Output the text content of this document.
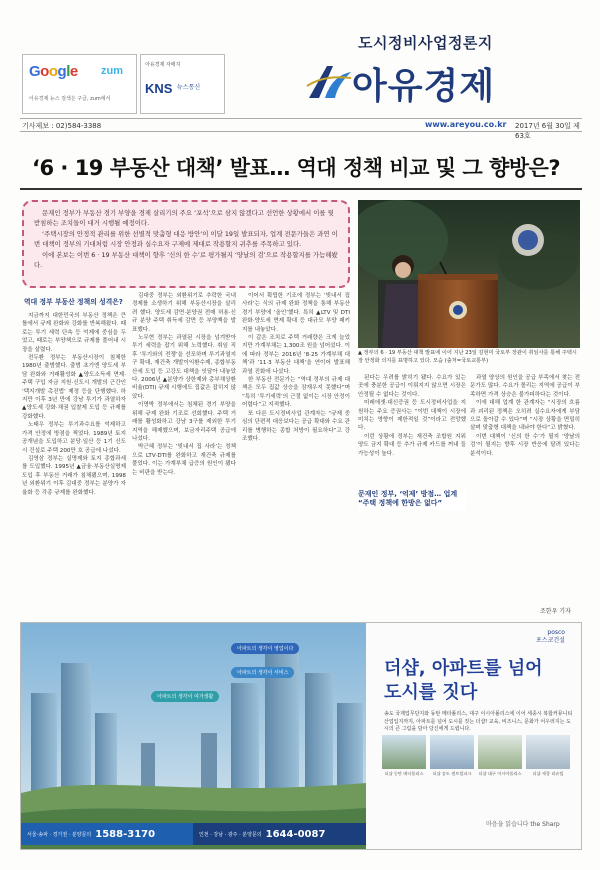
Google zum
아유경제 뉴스 검색은 구글, zum에서
아유경제 자매지
KNS 뉴스통신
도시정비사업정론지
아유경제
기사제보 : 02)584-3388	www.areyou.co.kr 2017년 6월 30일 제63호
‘6 · 19 부동산 대책’ 발표… 역대 정책 비교 및 그 향방은?

문재인 정부가 부동산 경기 부양을 경제 살리기의 주요 ‘포석’으로 삼지 않겠다고 선언한 상황에서 이를 뒷받침하는 조치들이 대거 시행될 예정이다.

‘주택시장의 안정적 관리를 위한 선별적 맞춤형 대응 방안’이 이달 19일 발표되자, 업계 전문가들은 과연 이번 대책이 정부의 기대처럼 시장 안정과 실수요자 구제에 제대로 작용할지 귀추를 주목하고 있다.

이에 본보는 이번 6 · 19 부동산 대책이 향후 ‘신의 한 수’로 평가될지 ‘양날의 검’으로 작용할지를 가늠해봤다.

▲ 정부의 6 · 19 부동산 대책 발표에 이어 지난 23일 김현미 국토부 장관이 취임사를 통해 주택시장 안정화 의지를 표명하고 있다. 모습 (출처=국토교통부)
역대 정부 부동산 정책의 성격은?

지금까지 대한민국의 부동산 정책은 큰 틀에서 규제 완화와 강화를 반복해왔다. 때로는 투기 세력 단속 등 억제에 중심을 두었고, 때로는 부양책으로 규제를 풀어내 시장을 살렸다.

전두환 정부는 부동산시장이 침체한 1980년 출범했다. 출범 초기엔 양도세 부담 완화와 거래활성화 ▲양도소득세 면제·주택 구입 자금 지원·신도시 개발의 근간인 ‘택지개발 촉진법’ 제정 등을 단행했다. 하지만 이후 3년 만에 강남 투기가 과열하자 ▲양도세 강화·채권 입찰제 도입 등 규제를 강화했다.

노태우 정부는 투기과수요를 억제하고 가격 안정에 방점을 찍었다. 1989년 토지 공개념을 도입하고 분당·일산 등 1기 신도시 건설로 주택 200만 호 공급에 나섰다.

김영삼 정부는 실명제와 토지 종합과세를 도입했다. 1995년 ▲금융·부동산실명제 도입 후 부동산 거래가 침체됐으며, 1998년 외환위기 이후 김대중 정부는 분양가 자율화 등 각종 규제를 완화했다.

김대중 정부는 외환위기로 추락한 국내 경제를 소생하기 위해 부동산시장을 살리려 했다. 양도세 감면·분양권 전매 허용·신규 분양 주택 취득세 감면 등 부양책을 발표했다.

노무현 정부는 과열된 시장을 넘겨받아 투기 세력을 잡기 위해 노력했다. 취임 직후 ‘투기와의 전쟁’을 선포하며 투기과열지구 확대, 재건축 개발이익환수제, 종합부동산세 도입 등 고강도 대책을 잇달아 내놓았다. 2006년 ▲분양가 상한제와 총부채상환비율(DTI) 규제 시행에도 집값은 잡히지 않았다.

이명박 정부에서는 침체된 경기 부양을 위해 규제 완화 기조로 선회했다. 주택 거래를 활성화하고 강남 3구를 제외한 투기지역을 해제했으며, 보금자리주택 공급에 나섰다.

박근혜 정부는 ‘빚내서 집 사라’는 정책으로 LTV·DTI를 완화하고 재건축 규제를 풀었다. 이는 가계부채 급증의 원인이 됐다는 비판을 받는다.

이어서 확립한 기조에 정부는 ‘빚내서 집 사라’는 식의 규제 완화 정책을 통해 부동산 경기 부양에 ‘올인’했다. 특히 ▲LTV 및 DTI 완화·양도세 면제 확대 등 대규모 부양 패키지를 내놓았다.

이 같은 조치로 주택 거래량은 크게 늘었지만 가계부채는 1,300조 원을 넘어섰다. 이에 따라 정부는 2016년 ‘8·25 가계부채 대책’과 ‘11·3 부동산 대책’을 연이어 발표해 과열 진화에 나섰다.

한 부동산 전문가는 “역대 정부의 규제 대책은 모두 집값 상승을 잠재우지 못했다”며 “특히 ‘투기세력’의 근절 없이는 시장 안정이 어렵다”고 지적했다.

또 다른 도시정비사업 관계자는 “규제 중심의 단편적 대응보다는 공급 확대와 수요 관리를 병행하는 종합 처방이 필요하다”고 강조했다.

된다는 우려를 밝히기 됐다. 수요가 있는 곳에 충분한 공급이 이뤄지지 않으면 시장은 안정될 수 없다는 것이다.

미래에셋·대신증권 등 도시정비사업을 지원하는 주요 증권사는 “이번 대책이 시장에 미치는 영향이 제한적일 것”이라고 전망했다.

이런 상황에 정부는 재건축 조합원 지위 양도 금지 확대 등 추가 규제 카드를 꺼내 들 가능성이 높다.

문재인 정부, ‘억제’ 방점… 업계 “주택 정책에 한방은 없다”

과열 양상의 원인을 공급 부족에서 찾는 전문가도 많다. 수요가 몰리는 지역에 공급이 부족하면 가격 상승은 불가피하다는 것이다.

이에 대해 업계 한 관계자는 “시장의 흐름과 괴리된 정책은 오히려 실수요자에게 부담으로 돌아갈 수 있다”며 “시장 상황을 면밀히 살펴 맞춤형 대책을 내놔야 한다”고 밝혔다.

이번 대책이 ‘신의 한 수’가 될지 ‘양날의 검’이 될지는 향후 시장 반응에 달려 있다는 분석이다.

조한우 기자
아파트의 생각이 영업이다
아파트의 생각이 서비스
아파트의 생각이 여가생활
서울·송파 · 경기권 · 분양문의 1588-3170	인천 · 강남 · 광주 · 분양문의 1644-0087
posco
포스코건설
더샵, 아파트를 넘어
도시를 짓다
송도 국제업무단지와 동탄 메타폴리스, 대구 이시아폴리스에 이어 세종시 복합커뮤니티 산업입지까지, 아파트를 넘어 도시를 짓는 더샵! 교육, 비즈니스, 문화가 어우러지는 도시의 큰 그림을 담아 당신에게 드립니다.
더샵 동탄 메타폴리스	더샵 송도 센트럴파크	더샵 대구 이시아폴리스	더샵 세종 리슈빌
마음을 읽습니다 the Sharp
